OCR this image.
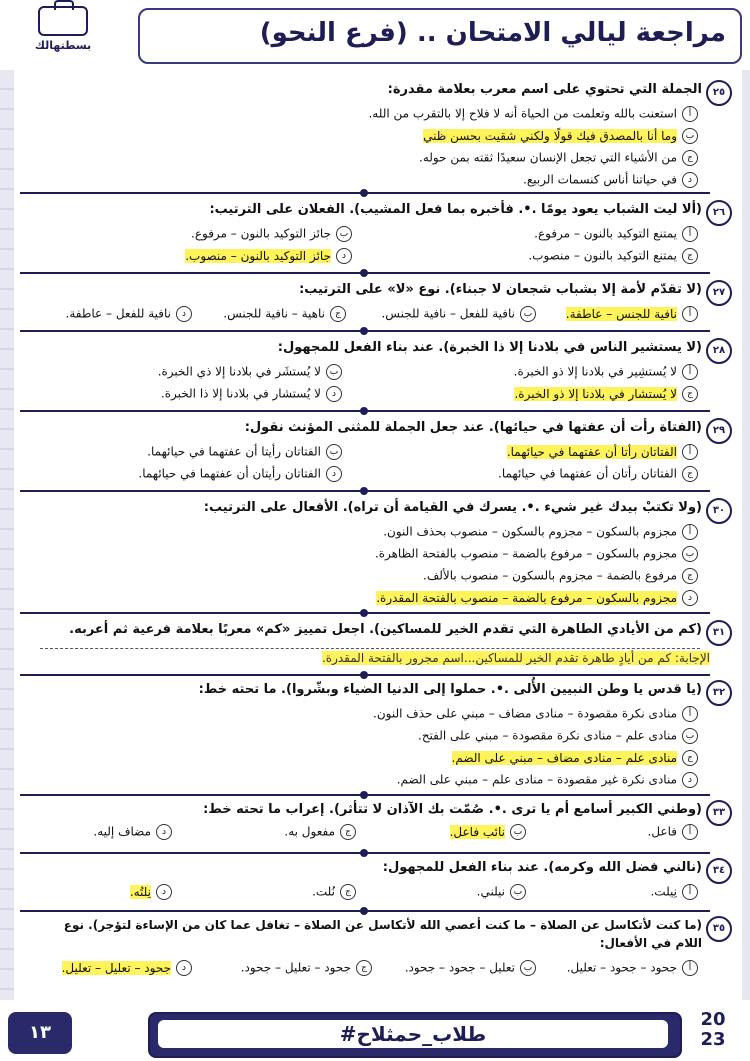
مراجعة ليالي الامتحان .. (فرع النحو)
بسطتهالك
٢٥
الجملة التي تحتوي على اسم معرب بعلامة مقدرة:
أاستعنت بالله وتعلمت من الحياة أنه لا فلاح إلا بالتقرب من الله.
بوما أنا بالمصدق فيك قولًا ولكني شقيت بحسن ظني
جمن الأشياء التي تجعل الإنسان سعيدًا ثقته بمن حوله.
دفي حياتنا أناس كنسمات الربيع.
٢٦
(ألا ليت الشباب يعود يومًا .•. فأخبره بما فعل المشيب). الفعلان على الترتيب:
أيمتنع التوكيد بالنون – مرفوع.
بجائز التوكيد بالنون – مرفوع.
جيمتنع التوكيد بالنون – منصوب.
دجائز التوكيد بالنون – منصوب.
٢٧
(لا تقدّم لأمة إلا بشباب شجعان لا جبناء). نوع «لا» على الترتيب:
أنافية للجنس – عاطفة.
بنافية للفعل – نافية للجنس.
جناهية – نافية للجنس.
دنافية للفعل – عاطفة.
٢٨
(لا يستشير الناس في بلادنا إلا ذا الخبرة). عند بناء الفعل للمجهول:
ألا يُستشِير في بلادنا إلا ذو الخبرة.
بلا يُستشَر في بلادنا إلا ذي الخبرة.
جلا يُستشار في بلادنا إلا ذو الخبرة.
دلا يُستشار في بلادنا إلا ذا الخبرة.
٢٩
(الفتاة رأت أن عفتها في حيائها). عند جعل الجملة للمثنى المؤنث نقول:
أالفتاتان رأتا أن عفتهما في حيائهما.
بالفتاتان رأيتا أن عفتهما في حيائهما.
جالفتاتان رأتان أن عفتهما في حيائهما.
دالفتاتان رأيتان أن عفتهما في حيائهما.
٣٠
(ولا تكتبْ بيدك غير شيء .•. يسرك في القيامة أن تراه). الأفعال على الترتيب:
أمجزوم بالسكون – مجزوم بالسكون – منصوب بحذف النون.
بمجزوم بالسكون – مرفوع بالضمة – منصوب بالفتحة الظاهرة.
جمرفوع بالضمة – مجزوم بالسكون – منصوب بالألف.
دمجزوم بالسكون – مرفوع بالضمة – منصوب بالفتحة المقدرة.
٣١
(كم من الأيادي الطاهرة التي تقدم الخير للمساكين). اجعل تمييز «كم» معربًا بعلامة فرعية ثم أعربه.
الإجابة: كم من أيادٍ طاهرة تقدم الخير للمساكين...اسم مجرور بالفتحة المقدرة.
٣٢
(يا قدس يا وطن النبيين الأُلى .•. حملوا إلى الدنيا الضياء وبشّروا). ما تحته خط:
أمنادى نكرة مقصودة – منادى مضاف – مبني على حذف النون.
بمنادى علم – منادى نكرة مقصودة – مبني على الفتح.
جمنادى علم – منادى مضاف – مبني على الضم.
دمنادى نكرة غير مقصودة – منادى علم – مبني على الضم.
٣٣
(وطني الكبير أسامع أم يا ترى .•. صُمّت بك الآذان لا تتأثر). إعراب ما تحته خط:
أفاعل.
بنائب فاعل.
جمفعول به.
دمضاف إليه.
٣٤
(نالني فضل الله وكرمه). عند بناء الفعل للمجهول:
أنِيلت.
بنيلني.
جنُلت.
دنِلتُه.
٣٥
(ما كنت لأتكاسل عن الصلاة – ما كنت أعصي الله لأتكاسل عن الصلاة – تغافل عما كان من الإساءة لتؤجر). نوع
اللام في الأفعال:
أجحود – جحود – تعليل.
بتعليل – جحود – جحود.
ججحود – تعليل – جحود.
دجحود – تعليل – تعليل.
١٣	#طلاب_حمثلاح
20
23
